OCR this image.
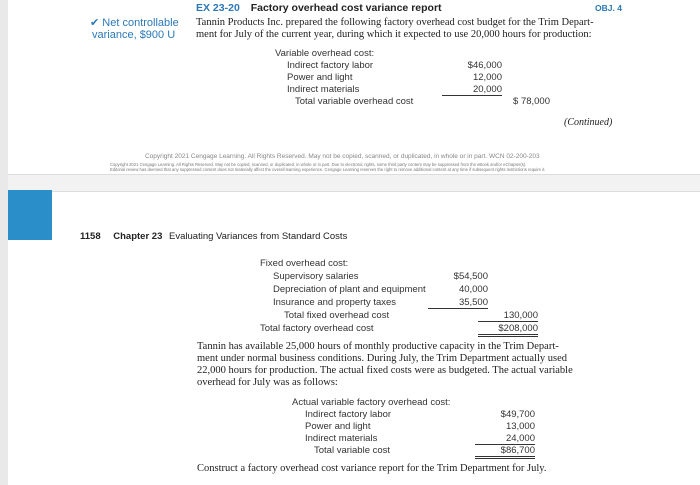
✔ Net controllable
variance, $900 U
EX 23-20 Factory overhead cost variance report	OBJ. 4
Tannin Products Inc. prepared the following factory overhead cost budget for the Trim Depart-
ment for July of the current year, during which it expected to use 20,000 hours for production:
Variable overhead cost:
Indirect factory labor	$46,000
Power and light	12,000
Indirect materials	20,000
Total variable overhead cost	$ 78,000
(Continued)
Copyright 2021 Cengage Learning. All Rights Reserved. May not be copied, scanned, or duplicated, in whole or in part. WCN 02-200-203
Copyright 2021 Cengage Learning. All Rights Reserved. May not be copied, scanned, or duplicated, in whole or in part. Due to electronic rights, some third party content may be suppressed from the eBook and/or eChapter(s).
Editorial review has deemed that any suppressed content does not materially affect the overall learning experience. Cengage Learning reserves the right to remove additional content at any time if subsequent rights restrictions require it.
1158 Chapter 23 Evaluating Variances from Standard Costs
Fixed overhead cost:
Supervisory salaries	$54,500
Depreciation of plant and equipment	40,000
Insurance and property taxes	35,500
Total fixed overhead cost	130,000
Total factory overhead cost	$208,000
Tannin has available 25,000 hours of monthly productive capacity in the Trim Depart-
ment under normal business conditions. During July, the Trim Department actually used
22,000 hours for production. The actual fixed costs were as budgeted. The actual variable
overhead for July was as follows:
Actual variable factory overhead cost:
Indirect factory labor	$49,700
Power and light	13,000
Indirect materials	24,000
Total variable cost	$86,700
Construct a factory overhead cost variance report for the Trim Department for July.
